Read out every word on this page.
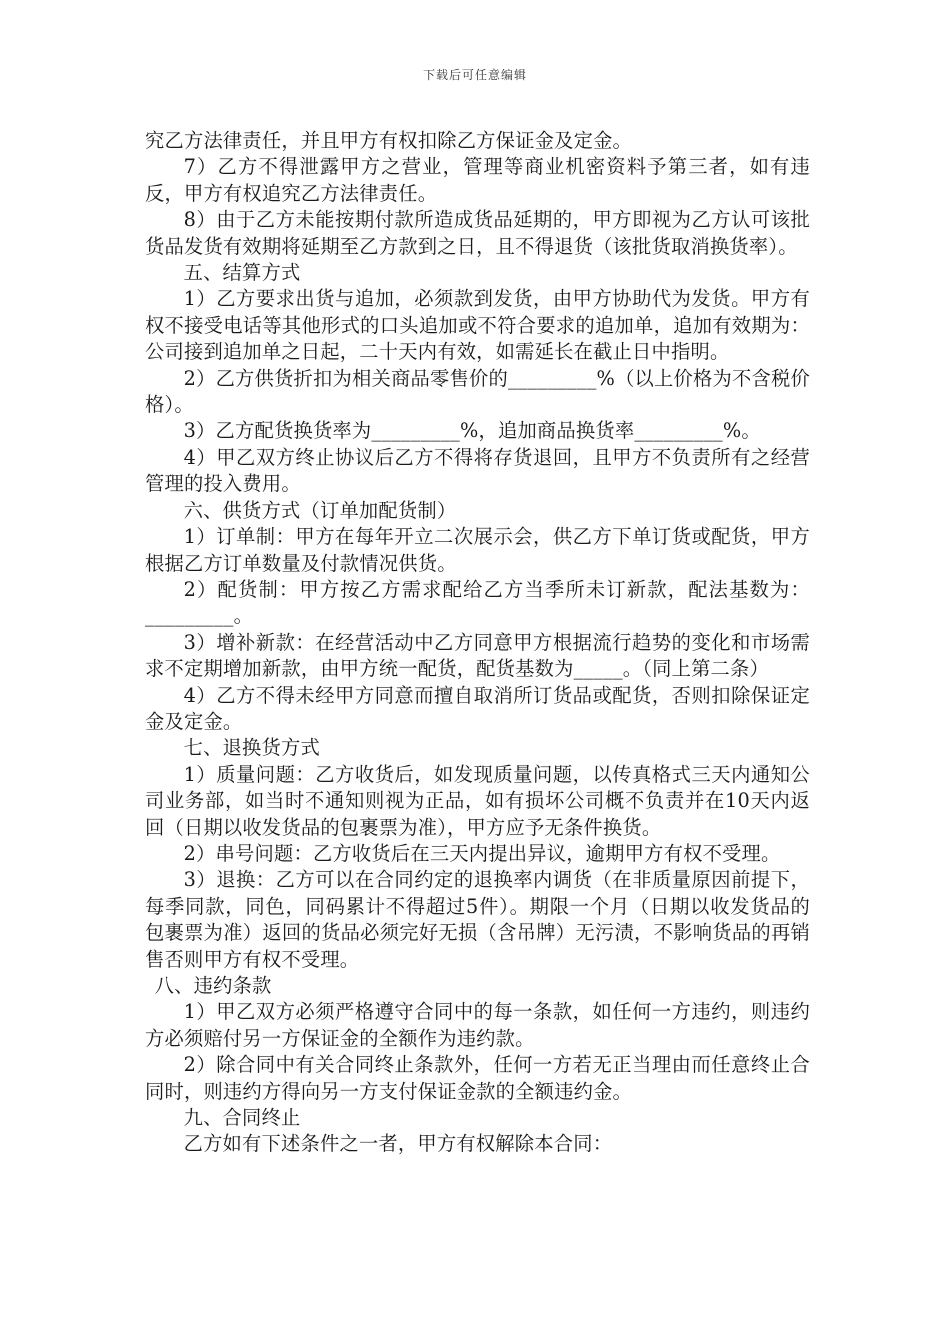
下载后可任意编辑

究乙方法律责任，并且甲方有权扣除乙方保证金及定金。

7）乙方不得泄露甲方之营业，管理等商业机密资料予第三者，如有违反，甲方有权追究乙方法律责任。

8）由于乙方未能按期付款所造成货品延期的，甲方即视为乙方认可该批货品发货有效期将延期至乙方款到之日，且不得退货（该批货取消换货率）。

五、结算方式

1）乙方要求出货与追加，必须款到发货，由甲方协助代为发货。甲方有权不接受电话等其他形式的口头追加或不符合要求的追加单，追加有效期为：公司接到追加单之日起，二十天内有效，如需延长在截止日中指明。

2）乙方供货折扣为相关商品零售价的_________%（以上价格为不含税价格）。

3）乙方配货换货率为_________%，追加商品换货率_________%。

4）甲乙双方终止协议后乙方不得将存货退回，且甲方不负责所有之经营管理的投入费用。

六、供货方式（订单加配货制）

1）订单制：甲方在每年开立二次展示会，供乙方下单订货或配货，甲方根据乙方订单数量及付款情况供货。

2）配货制：甲方按乙方需求配给乙方当季所未订新款，配法基数为：_________。

3）增补新款：在经营活动中乙方同意甲方根据流行趋势的变化和市场需求不定期增加新款，由甲方统一配货，配货基数为_____。（同上第二条）

4）乙方不得未经甲方同意而擅自取消所订货品或配货，否则扣除保证定金及定金。

七、退换货方式

1）质量问题：乙方收货后，如发现质量问题，以传真格式三天内通知公司业务部，如当时不通知则视为正品，如有损坏公司概不负责并在10天内返回（日期以收发货品的包裹票为准），甲方应予无条件换货。

2）串号问题：乙方收货后在三天内提出异议，逾期甲方有权不受理。

3）退换：乙方可以在合同约定的退换率内调货（在非质量原因前提下，每季同款，同色，同码累计不得超过5件）。期限一个月（日期以收发货品的包裹票为准）返回的货品必须完好无损（含吊牌）无污渍，不影响货品的再销售否则甲方有权不受理。

八、违约条款

1）甲乙双方必须严格遵守合同中的每一条款，如任何一方违约，则违约方必须赔付另一方保证金的全额作为违约款。

2）除合同中有关合同终止条款外，任何一方若无正当理由而任意终止合同时，则违约方得向另一方支付保证金款的全额违约金。

九、合同终止

乙方如有下述条件之一者，甲方有权解除本合同：
